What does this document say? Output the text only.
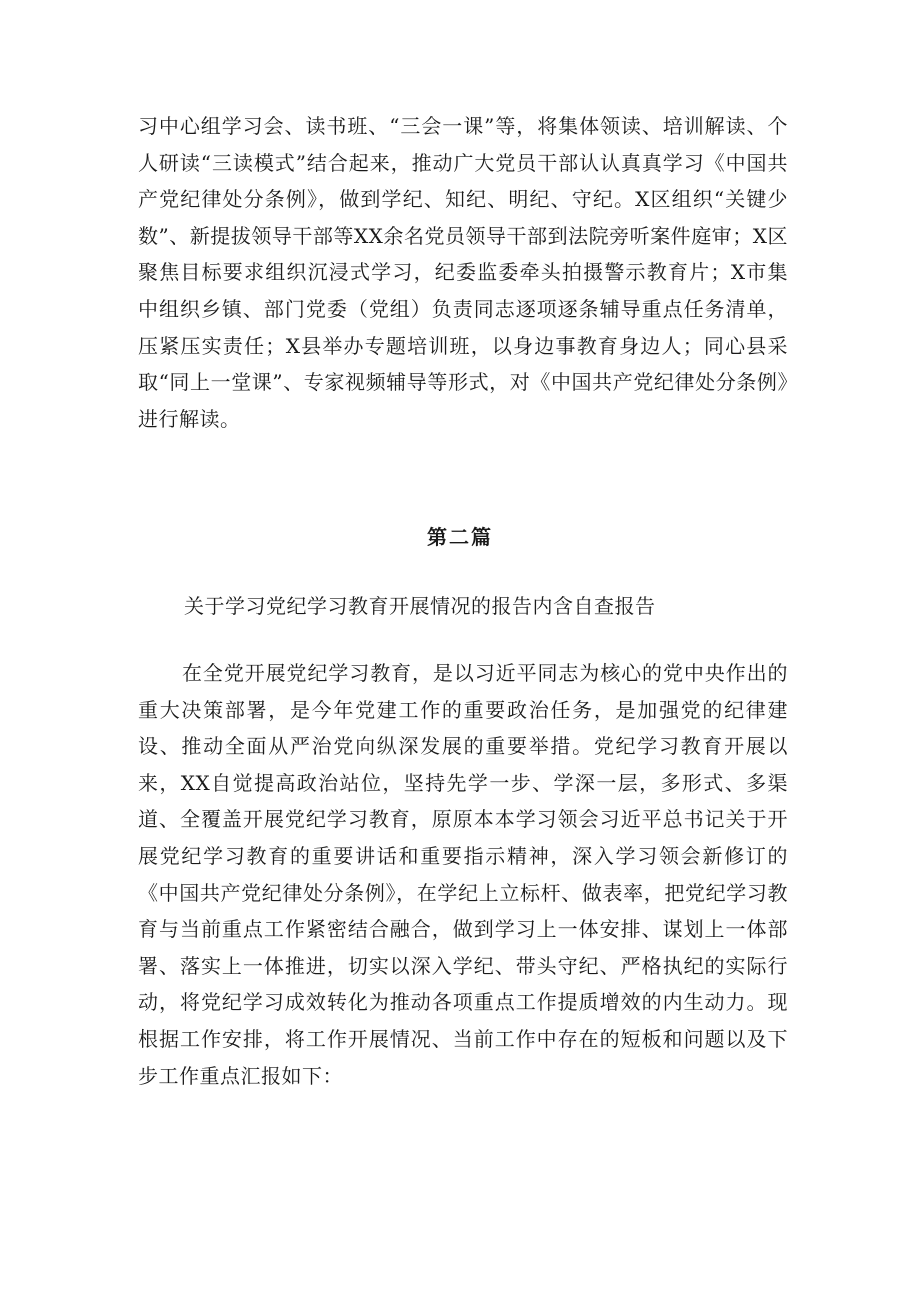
习中心组学习会、读书班、“三会一课”等，将集体领读、培训解读、个人研读“三读模式”结合起来，推动广大党员干部认认真真学习《中国共产党纪律处分条例》，做到学纪、知纪、明纪、守纪。X区组织“关键少数”、新提拔领导干部等XX余名党员领导干部到法院旁听案件庭审；X区聚焦目标要求组织沉浸式学习，纪委监委牵头拍摄警示教育片；X市集中组织乡镇、部门党委（党组）负责同志逐项逐条辅导重点任务清单，压紧压实责任；X县举办专题培训班，以身边事教育身边人；同心县采取“同上一堂课”、专家视频辅导等形式，对《中国共产党纪律处分条例》进行解读。

第二篇

关于学习党纪学习教育开展情况的报告内含自查报告

在全党开展党纪学习教育，是以习近平同志为核心的党中央作出的重大决策部署，是今年党建工作的重要政治任务，是加强党的纪律建设、推动全面从严治党向纵深发展的重要举措。党纪学习教育开展以来，XX自觉提高政治站位，坚持先学一步、学深一层，多形式、多渠道、全覆盖开展党纪学习教育，原原本本学习领会习近平总书记关于开展党纪学习教育的重要讲话和重要指示精神，深入学习领会新修订的《中国共产党纪律处分条例》，在学纪上立标杆、做表率，把党纪学习教育与当前重点工作紧密结合融合，做到学习上一体安排、谋划上一体部署、落实上一体推进，切实以深入学纪、带头守纪、严格执纪的实际行动，将党纪学习成效转化为推动各项重点工作提质增效的内生动力。现根据工作安排，将工作开展情况、当前工作中存在的短板和问题以及下步工作重点汇报如下：
